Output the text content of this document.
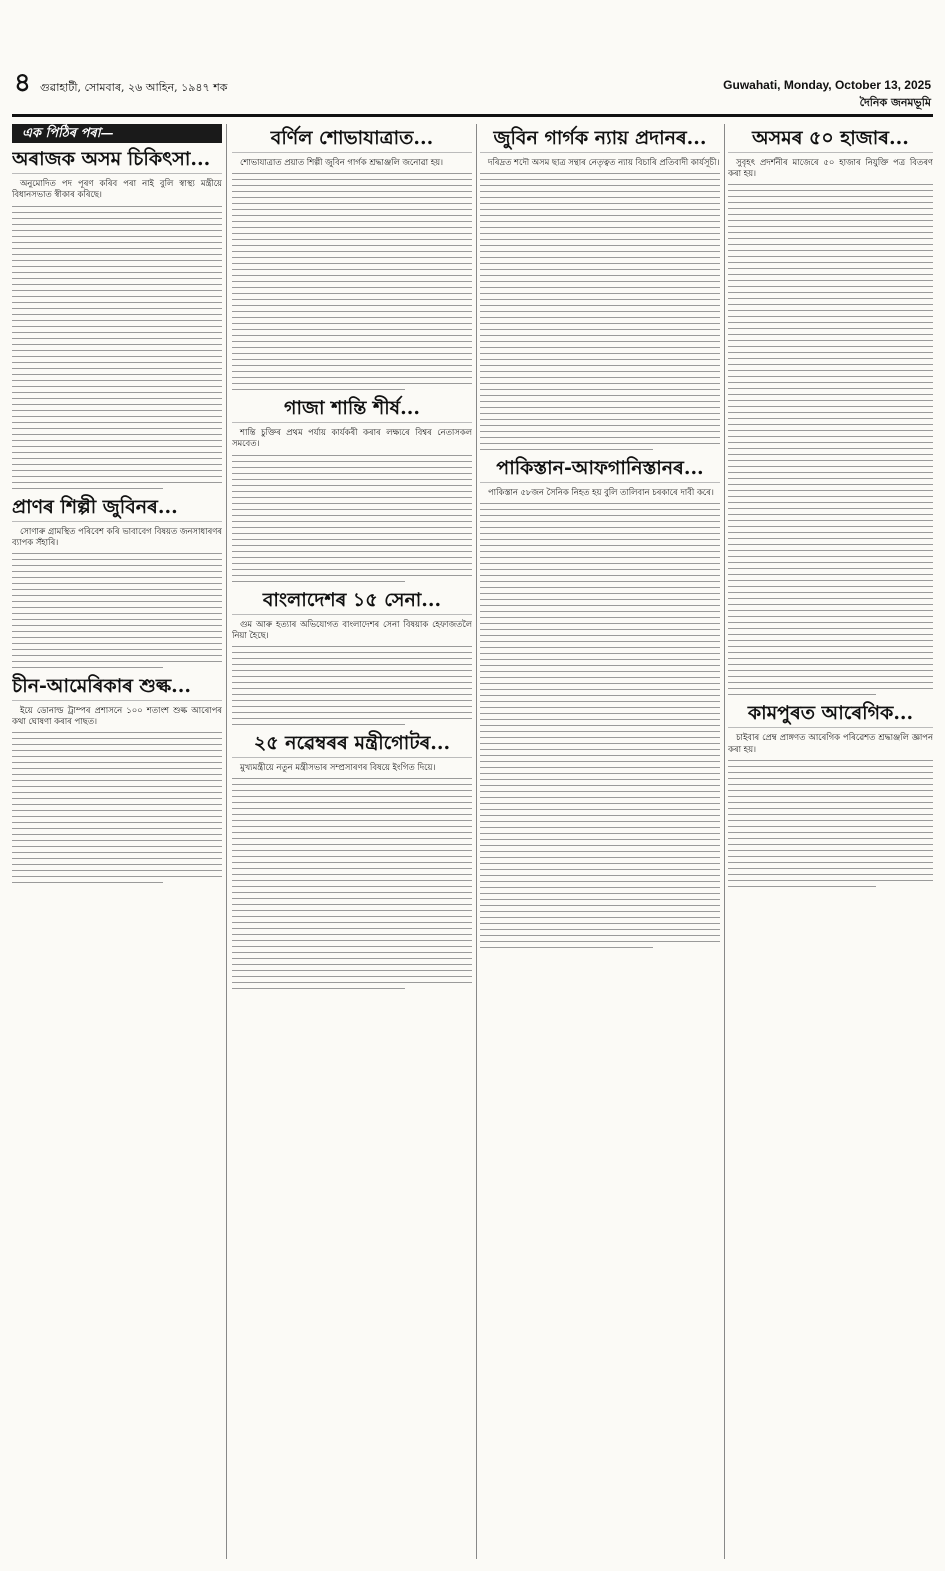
৪ গুৱাহাটী, সোমবাৰ, ২৬ আহিন, ১৯৪৭ শক	Guwahati, Monday, October 13, 2025
দৈনিক জনমভূমি
এক পিঠিৰ পৰা—
অৰাজক অসম চিকিৎসা...

অনুমোদিত পদ পূৰণ কৰিব পৰা নাই বুলি স্বাস্থ্য মন্ত্ৰীয়ে বিধানসভাত স্বীকাৰ কৰিছে।

প্ৰাণৰ শিল্পী জুবিনৰ...

সোণাৰু গ্ৰামস্থিত পৰিবেশ কৰি ভাবাবেগ বিষয়ত জনসাধাৰণৰ ব্যাপক সঁহাৰি।

চীন-আমেৰিকাৰ শুল্ক...

ইয়ে ডোনাল্ড ট্ৰাম্পৰ প্ৰশাসনে ১০০ শতাংশ শুল্ক আৰোপৰ কথা ঘোষণা কৰাৰ পাছত।

বৰ্ণিল শোভাযাত্ৰাত...

শোভাযাত্ৰাত প্ৰয়াত শিল্পী জুবিন গাৰ্গক শ্ৰদ্ধাঞ্জলি জনোৱা হয়।

গাজা শান্তি শীৰ্ষ...

শান্তি চুক্তিৰ প্ৰথম পৰ্যায় কাৰ্যকৰী কৰাৰ লক্ষ্যৰে বিশ্বৰ নেতাসকল সমবেত।

বাংলাদেশৰ ১৫ সেনা...

গুম আৰু হত্যাৰ অভিযোগত বাংলাদেশৰ সেনা বিষয়াক হেফাজতলৈ নিয়া হৈছে।

২৫ নৱেম্বৰৰ মন্ত্ৰীগোটৰ...

মুখ্যমন্ত্ৰীয়ে নতুন মন্ত্ৰীসভাৰ সম্প্ৰসাৰণৰ বিষয়ে ইংগিত দিয়ে।

জুবিন গাৰ্গক ন্যায় প্ৰদানৰ...

দৰিদ্ৰত শদৌ অসম ছাত্ৰ সন্থাৰ নেতৃত্বত ন্যায় বিচাৰি প্ৰতিবাদী কাৰ্যসূচী।

পাকিস্তান-আফগানিস্তানৰ...

পাকিস্তান ৫৮জন সৈনিক নিহত হয় বুলি তালিবান চৰকাৰে দাবী কৰে।

অসমৰ ৫০ হাজাৰ...

সুবৃহৎ প্ৰদৰ্শনীৰ মাজেৰে ৫০ হাজাৰ নিযুক্তি পত্ৰ বিতৰণ কৰা হয়।

কামপুৰত আৰেগিক...

চাইবাৰ প্ৰেম্ব প্ৰাঙ্গণত আৰেগিক পৰিৱেশত শ্ৰদ্ধাঞ্জলি জ্ঞাপন কৰা হয়।
